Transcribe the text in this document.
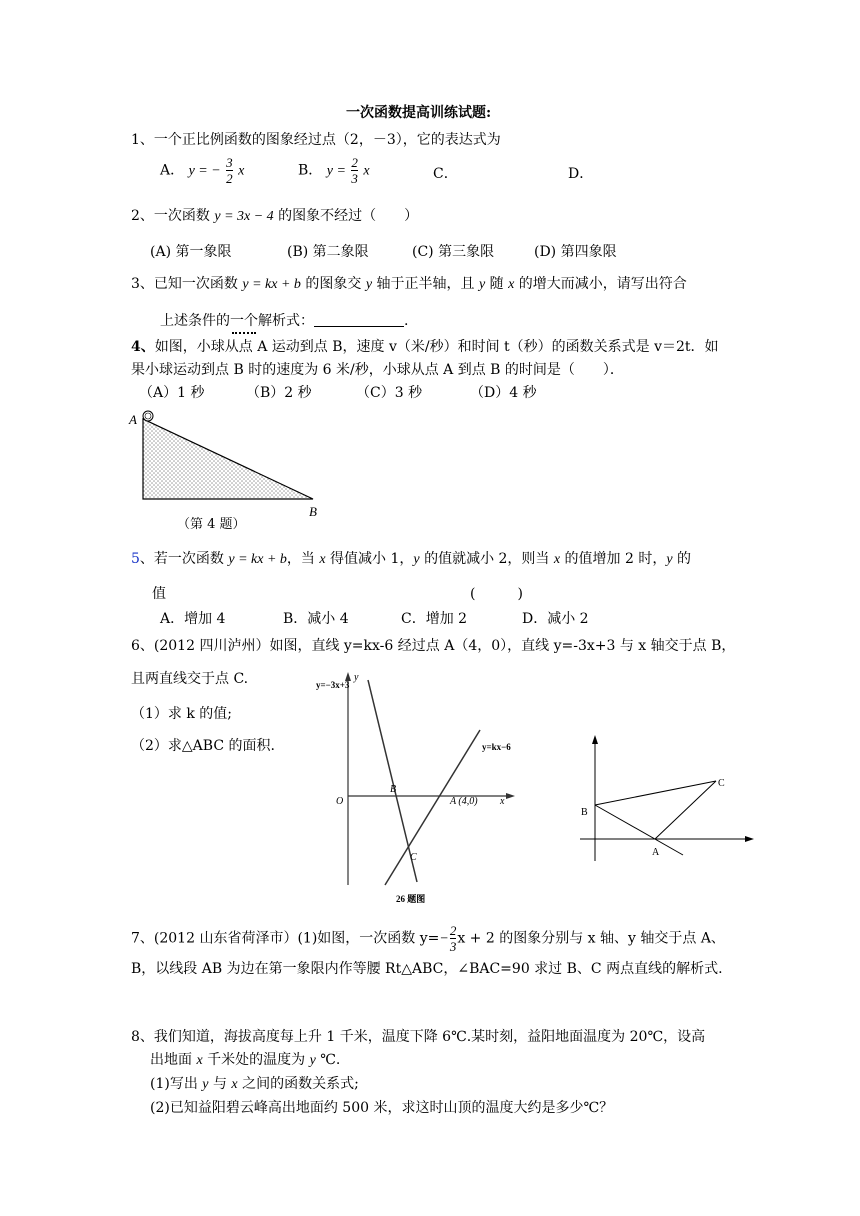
一次函数提高训练试题:
1、一个正比例函数的图象经过点（2，－3），它的表达式为
A． y = − $\frac{3}{2}$ x	B． $y = \frac{2}{3}$ x	C．	D．
2、一次函数 y = 3x − 4 的图象不经过（　　）
(A) 第一象限	(B) 第二象限	(C) 第三象限	(D) 第四象限
3、已知一次函数 y = kx + b 的图象交 y 轴于正半轴，且 y 随 x 的增大而减小，请写出符合
上述条件的一个解析式：	.
4、如图，小球从点 A 运动到点 B，速度 v（米/秒）和时间 t（秒）的函数关系式是 v＝2t．如
果小球运动到点 B 时的速度为 6 米/秒，小球从点 A 到点 B 的时间是（　　）．
（A）1 秒	（B）2 秒	（C）3 秒	（D）4 秒
A
B
（第 4 题）
5、若一次函数 y = kx + b，当 x 得值减小 1，y 的值就减小 2，则当 x 的值增加 2 时，y 的
值	(　　　)
A．增加 4	B．减小 4	C．增加 2	D．减小 2
6、(2012 四川泸州）如图，直线 y=kx-6 经过点 A（4，0），直线 y=-3x+3 与 x 轴交于点 B，
且两直线交于点 C.
（1）求 k 的值;
（2）求△ABC 的面积.
y=−3x+3
y=kx−6
O
B
A (4,0)
C
x
y
26 题图
B
A
C
7、(2012 山东省荷泽市）(1)如图，一次函数 $y=- \frac{2}{3}$ x + 2 的图象分别与 x 轴、y 轴交于点 A、
B，以线段 AB 为边在第一象限内作等腰 Rt△ABC，∠BAC=90 求过 B、C 两点直线的解析式.
8、我们知道，海拔高度每上升 1 千米，温度下降 6℃.某时刻，益阳地面温度为 20℃，设高
出地面 x 千米处的温度为 y ℃.
(1)写出 y 与 x 之间的函数关系式;
(2)已知益阳碧云峰高出地面约 500 米，求这时山顶的温度大约是多少℃？
